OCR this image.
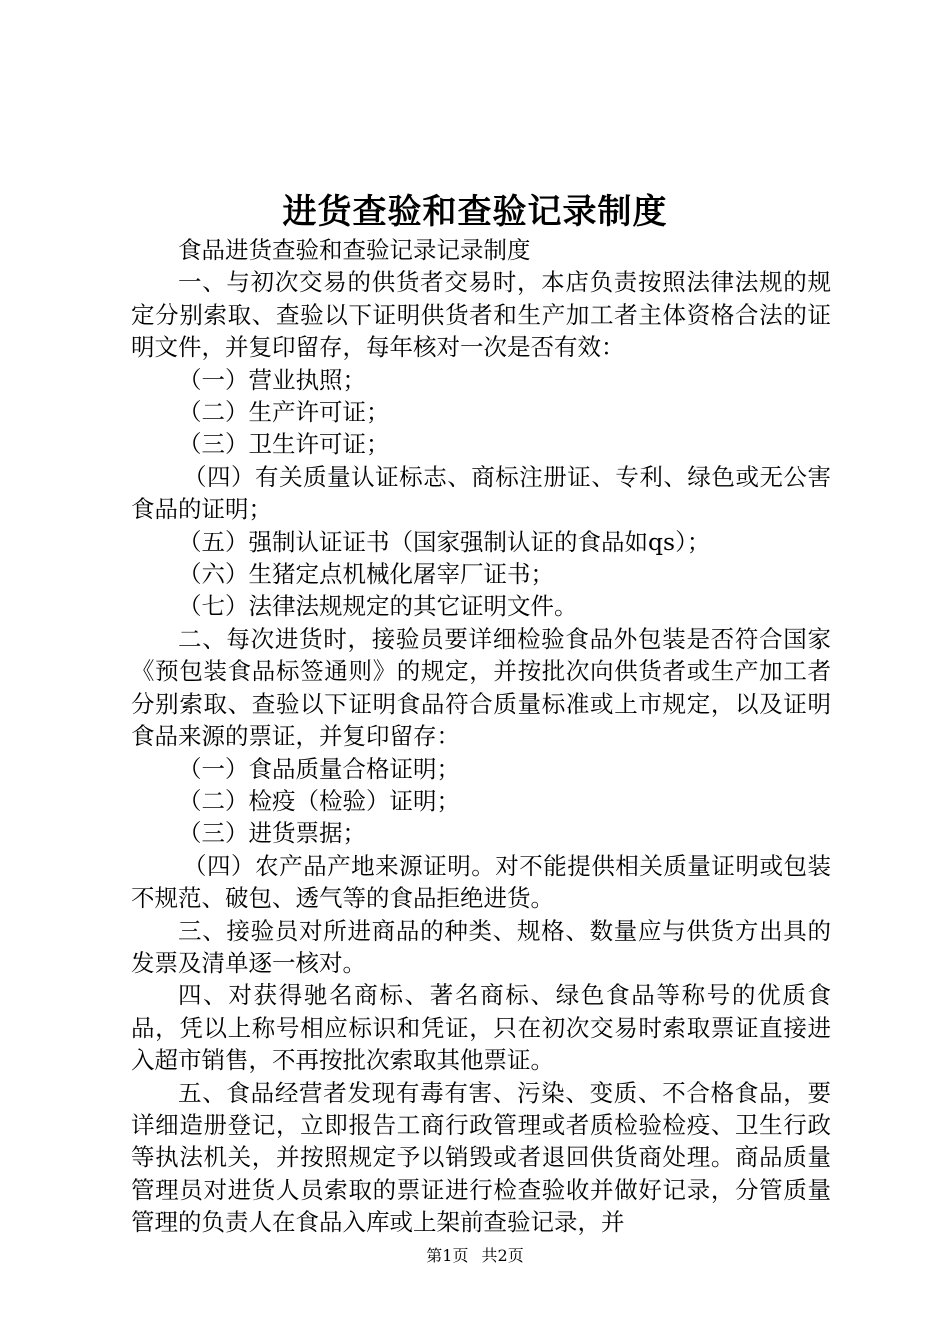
进货查验和查验记录制度

食品进货查验和查验记录记录制度

一、与初次交易的供货者交易时，本店负责按照法律法规的规定分别索取、查验以下证明供货者和生产加工者主体资格合法的证明文件，并复印留存，每年核对一次是否有效：

（一）营业执照；

（二）生产许可证；

（三）卫生许可证；

（四）有关质量认证标志、商标注册证、专利、绿色或无公害食品的证明；

（五）强制认证证书（国家强制认证的食品如qs）；

（六）生猪定点机械化屠宰厂证书；

（七）法律法规规定的其它证明文件。

二、每次进货时，接验员要详细检验食品外包装是否符合国家《预包装食品标签通则》的规定，并按批次向供货者或生产加工者分别索取、查验以下证明食品符合质量标准或上市规定，以及证明食品来源的票证，并复印留存：

（一）食品质量合格证明；

（二）检疫（检验）证明；

（三）进货票据；

（四）农产品产地来源证明。对不能提供相关质量证明或包装不规范、破包、透气等的食品拒绝进货。

三、接验员对所进商品的种类、规格、数量应与供货方出具的发票及清单逐一核对。

四、对获得驰名商标、著名商标、绿色食品等称号的优质食品，凭以上称号相应标识和凭证，只在初次交易时索取票证直接进入超市销售，不再按批次索取其他票证。

五、食品经营者发现有毒有害、污染、变质、不合格食品，要详细造册登记，立即报告工商行政管理或者质检验检疫、卫生行政等执法机关，并按照规定予以销毁或者退回供货商处理。商品质量管理员对进货人员索取的票证进行检查验收并做好记录，分管质量管理的负责人在食品入库或上架前查验记录，并

第1页 共2页
